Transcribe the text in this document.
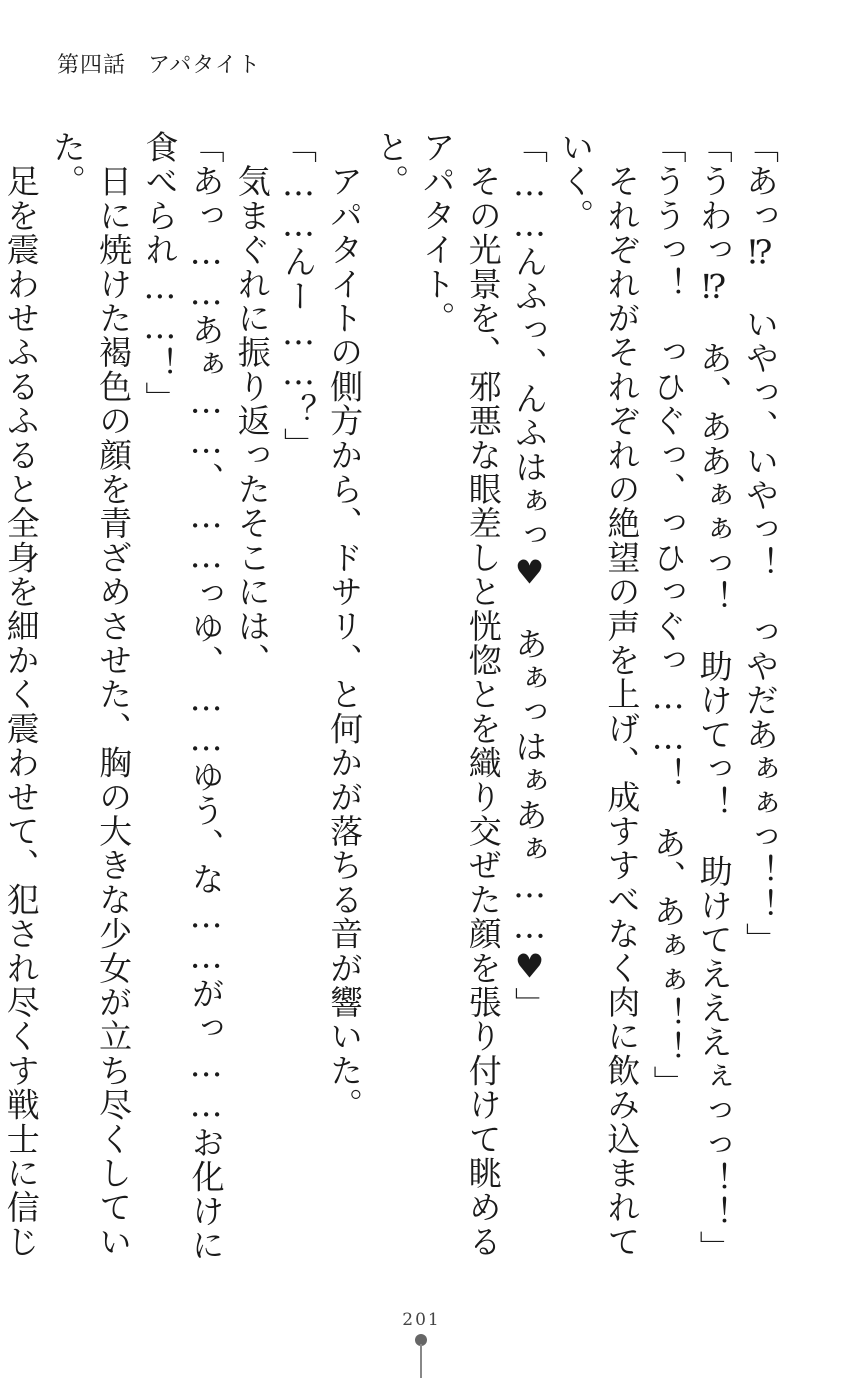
第四話 アパタイト

「あっ⁉　いやっ、いやっ！　っやだあぁぁっ！！」

「うわっ⁉　あ、ああぁぁっ！　助けてっ！　助けてえええぇっっ！！」

「ううっ！　っひぐっ、っひっぐっ……！　あ、あぁぁ！！」

　それぞれがそれぞれの絶望の声を上げ、成すすべなく肉に飲み込まれていく。

「……んふっ、んふはぁっ♥　あぁっはぁあぁ……♥」

　その光景を、邪悪な眼差しと恍惚とを織り交ぜた顔を張り付けて眺めるアパタイト。

と。

　アパタイトの側方から、ドサリ、と何かが落ちる音が響いた。

「……んー……？」

　気まぐれに振り返ったそこには、

「あっ……あぁ……、……っゆ、……ゆう、な……がっ……お化けに食べられ……！」

　日に焼けた褐色の顔を青ざめさせた、胸の大きな少女が立ち尽くしていた。

　足を震わせふるふると全身を細かく震わせて、犯され尽くす戦士に信じ

201
